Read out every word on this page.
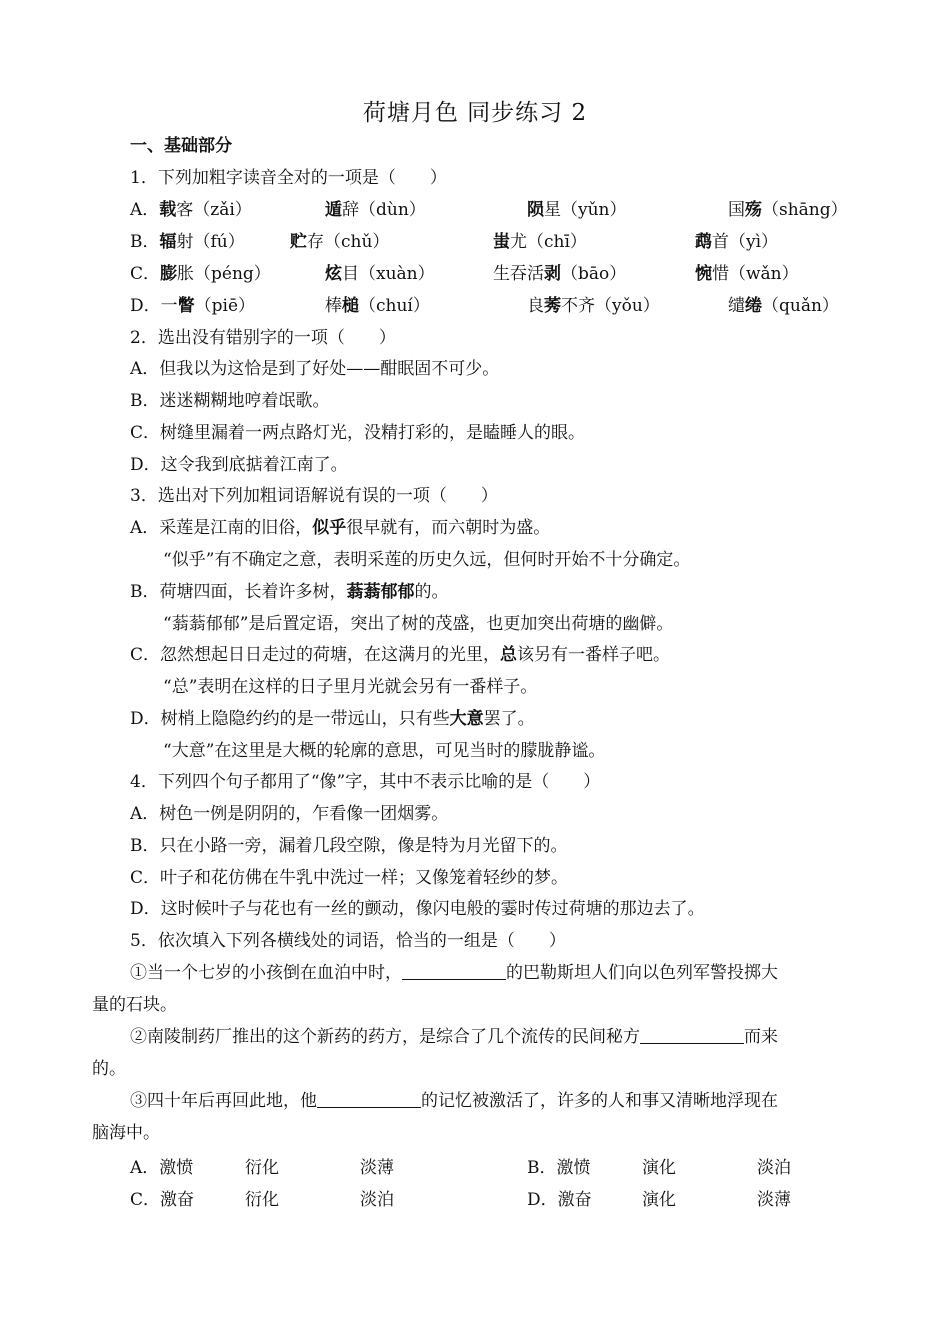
荷塘月色 同步练习 2
一、基础部分
1．下列加粗字读音全对的一项是（　　）
A．载客（zǎi）	遁辞（dùn）	陨星（yǔn）	国殇（shāng）
B．辐射（fú）	贮存（chǔ）	蚩尤（chī）	鹉首（yì）
C．膨胀（péng）	炫目（xuàn）	生吞活剥（bāo）	惋惜（wǎn）
D．一瞥（piē）	棒槌（chuí）	良莠不齐（yǒu）	缱绻（quǎn）
2．选出没有错别字的一项（　　）
A．但我以为这恰是到了好处——酣眠固不可少。
B．迷迷糊糊地哼着氓歌。
C．树缝里漏着一两点路灯光，没精打彩的，是瞌睡人的眼。
D．这令我到底掂着江南了。
3．选出对下列加粗词语解说有误的一项（　　）
A．采莲是江南的旧俗，似乎很早就有，而六朝时为盛。
“似乎”有不确定之意，表明采莲的历史久远，但何时开始不十分确定。
B．荷塘四面，长着许多树，蓊蓊郁郁的。
“蓊蓊郁郁”是后置定语，突出了树的茂盛，也更加突出荷塘的幽僻。
C．忽然想起日日走过的荷塘，在这满月的光里，总该另有一番样子吧。
“总”表明在这样的日子里月光就会另有一番样子。
D．树梢上隐隐约约的是一带远山，只有些大意罢了。
“大意”在这里是大概的轮廓的意思，可见当时的朦胧静谧。
4．下列四个句子都用了“像”字，其中不表示比喻的是（　　）
A．树色一例是阴阴的，乍看像一团烟雾。
B．只在小路一旁，漏着几段空隙，像是特为月光留下的。
C．叶子和花仿佛在牛乳中洗过一样；又像笼着轻纱的梦。
D．这时候叶子与花也有一丝的颤动，像闪电般的霎时传过荷塘的那边去了。
5．依次填入下列各横线处的词语，恰当的一组是（　　）
①当一个七岁的小孩倒在血泊中时，	的巴勒斯坦人们向以色列军警投掷大
量的石块。
②南陵制药厂推出的这个新药的药方，是综合了几个流传的民间秘方	而来
的。
③四十年后再回此地，他	的记忆被激活了，许多的人和事又清晰地浮现在
脑海中。
A．激愤	衍化	淡薄	B．激愤	演化	淡泊
C．激奋	衍化	淡泊	D．激奋	演化	淡薄
